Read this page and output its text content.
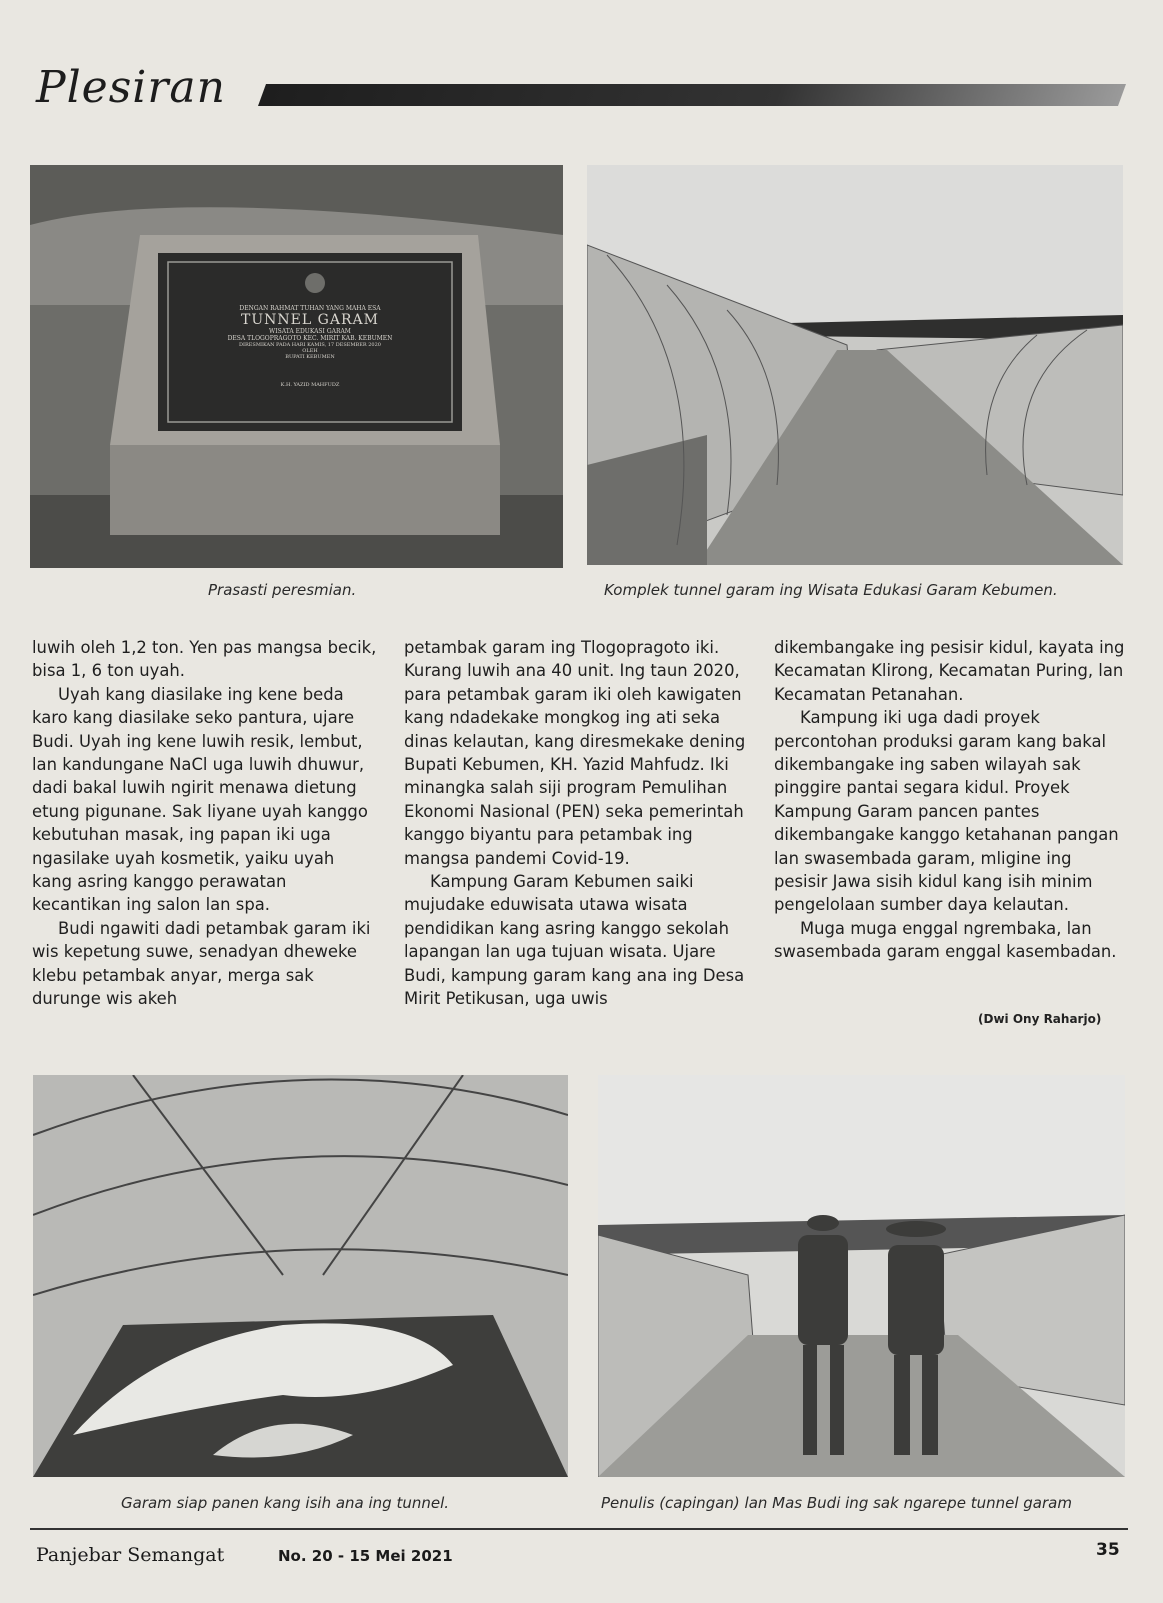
Plesiran
DENGAN RAHMAT TUHAN YANG MAHA ESA
TUNNEL GARAM
WISATA EDUKASI GARAM
DESA TLOGOPRAGOTO KEC. MIRIT KAB. KEBUMEN
DIRESMIKAN PADA HARI KAMIS, 17 DESEMBER 2020
OLEH
BUPATI KEBUMEN
K.H. YAZID MAHFUDZ
Prasasti peresmian.	Komplek tunnel garam ing Wisata Edukasi Garam Kebumen.

luwih oleh 1,2 ton. Yen pas mangsa becik, bisa 1, 6 ton uyah.

Uyah kang diasilake ing kene beda karo kang diasilake seko pantura, ujare Budi. Uyah ing kene luwih resik, lembut, lan kandungane NaCl uga luwih dhuwur, dadi bakal luwih ngirit menawa dietung etung pigunane. Sak liyane uyah kanggo kebutuhan masak, ing papan iki uga ngasilake uyah kosmetik, yaiku uyah kang asring kanggo perawatan kecantikan ing salon lan spa.

Budi ngawiti dadi petambak garam iki wis kepetung suwe, senadyan dheweke klebu petambak anyar, merga sak durunge wis akeh

petambak garam ing Tlogopragoto iki. Kurang luwih ana 40 unit. Ing taun 2020, para petambak garam iki oleh kawigaten kang ndadekake mongkog ing ati seka dinas kelautan, kang diresmekake dening Bupati Kebumen, KH. Yazid Mahfudz. Iki minangka salah siji program Pemulihan Ekonomi Nasional (PEN) seka pemerintah kanggo biyantu para petambak ing mangsa pandemi Covid-19.

Kampung Garam Kebumen saiki mujudake eduwisata utawa wisata pendidikan kang asring kanggo sekolah lapangan lan uga tujuan wisata. Ujare Budi, kampung garam kang ana ing Desa Mirit Petikusan, uga uwis

dikembangake ing pesisir kidul, kayata ing Kecamatan Klirong, Kecamatan Puring, lan Kecamatan Petanahan.

Kampung iki uga dadi proyek percontohan produksi garam kang bakal dikembangake ing saben wilayah sak pinggire pantai segara kidul. Proyek Kampung Garam pancen pantes dikembangake kanggo ketahanan pangan lan swasembada garam, mligine ing pesisir Jawa sisih kidul kang isih minim pengelolaan sumber daya kelautan.

Muga muga enggal ngrembaka, lan swasembada garam enggal kasembadan.

(Dwi Ony Raharjo)
Garam siap panen kang isih ana ing tunnel.	Penulis (capingan) lan Mas Budi ing sak ngarepe tunnel garam
Panjebar Semangat	No. 20 - 15 Mei 2021	35
